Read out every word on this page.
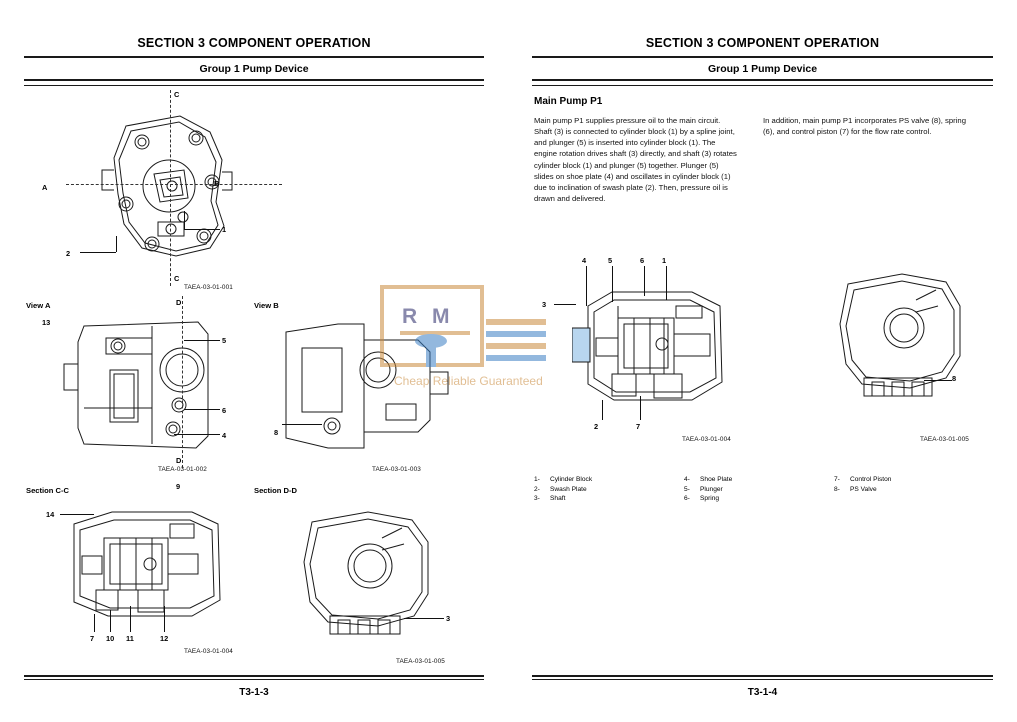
SECTION 3 COMPONENT OPERATION
Group 1 Pump Device
C
C
A	B
1
2
TAEA-03-01-001
View A
13
D
D
5
6
4
TAEA-03-01-002
View B
8
TAEA-03-01-003
Section C-C	9
14
7 10 11	12
TAEA-03-01-004
Section D-D
3
TAEA-03-01-005
T3-1-3
SECTION 3 COMPONENT OPERATION
Group 1 Pump Device
Main Pump P1
Main pump P1 supplies pressure oil to the main circuit. Shaft (3) is connected to cylinder block (1) by a spline joint, and plunger (5) is inserted into cylinder block (1). The engine rotation drives shaft (3) directly, and shaft (3) rotates cylinder block (1) and plunger (5) together. Plunger (5) slides on shoe plate (4) and oscillates in cylinder block (1) due to inclination of swash plate (2). Then, pressure oil is drawn and delivered.
In addition, main pump P1 incorporates PS valve (8), spring (6), and control piston (7) for the flow rate control.
4	5	6 1
3
2	7
8
TAEA-03-01-004	TAEA-03-01-005
1-	Cylinder Block
2-	Swash Plate
3-	Shaft
4-	Shoe Plate
5-	Plunger
6-	Spring
7-	Control Piston
8-	PS Valve
T3-1-4
R M
Cheap Reliable Guaranteed
